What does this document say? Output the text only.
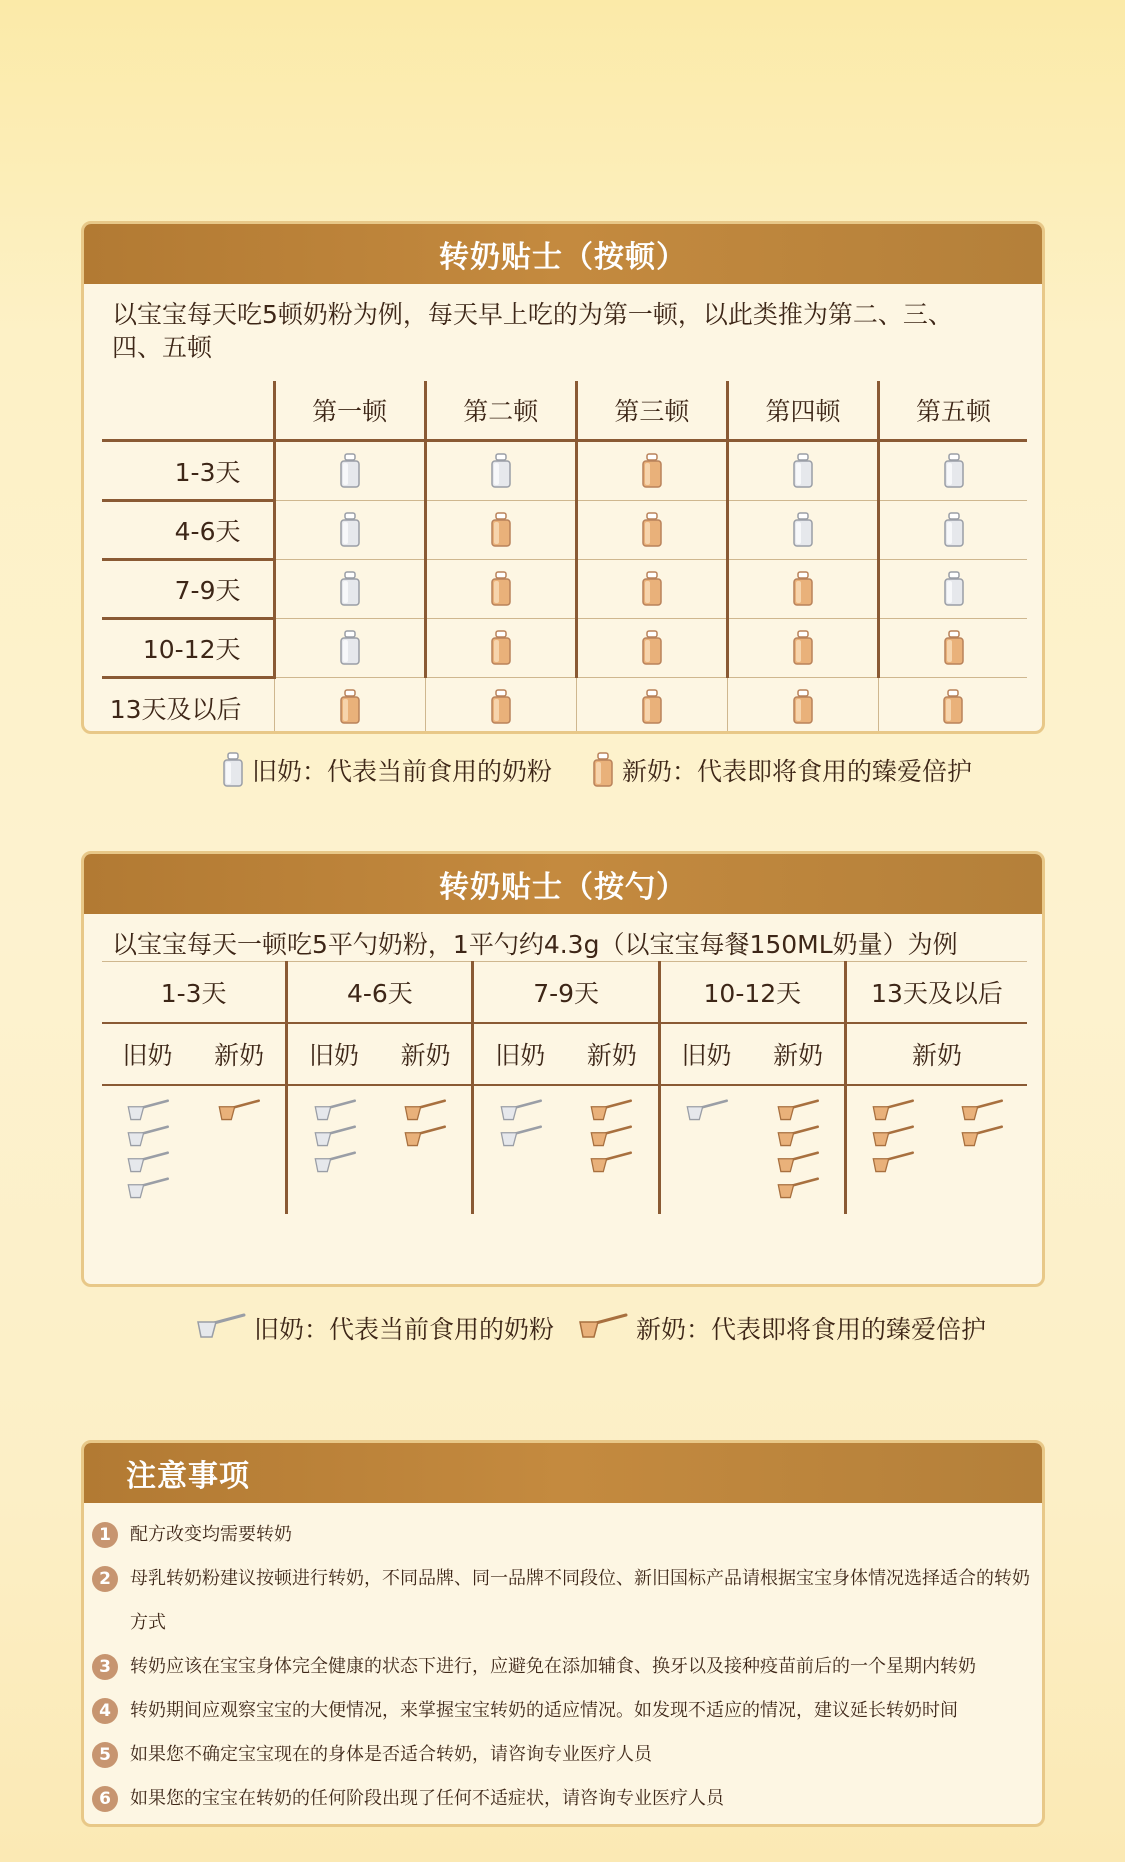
转奶贴士（按顿）
以宝宝每天吃5顿奶粉为例，每天早上吃的为第一顿，以此类推为第二、三、四、五顿
	第一顿	第二顿	第三顿	第四顿	第五顿
1-3天					
4-6天					
7-9天					
10-12天					
13天及以后					
旧奶：代表当前食用的奶粉	新奶：代表即将食用的臻爱倍护
转奶贴士（按勺）
以宝宝每天一顿吃5平勺奶粉，1平勺约4.3g（以宝宝每餐150ML奶量）为例
1-3天		4-6天		7-9天		10-12天		13天及以后
旧奶	新奶	旧奶	新奶	旧奶	新奶	旧奶	新奶	新奶

旧奶：代表当前食用的奶粉	新奶：代表即将食用的臻爱倍护
注意事项
1	配方改变均需要转奶
2	母乳转奶粉建议按顿进行转奶，不同品牌、同一品牌不同段位、新旧国标产品请根据宝宝身体情况选择适合的转奶方式
3	转奶应该在宝宝身体完全健康的状态下进行，应避免在添加辅食、换牙以及接种疫苗前后的一个星期内转奶
4	转奶期间应观察宝宝的大便情况，来掌握宝宝转奶的适应情况。如发现不适应的情况，建议延长转奶时间
5	如果您不确定宝宝现在的身体是否适合转奶，请咨询专业医疗人员
6	如果您的宝宝在转奶的任何阶段出现了任何不适症状，请咨询专业医疗人员
